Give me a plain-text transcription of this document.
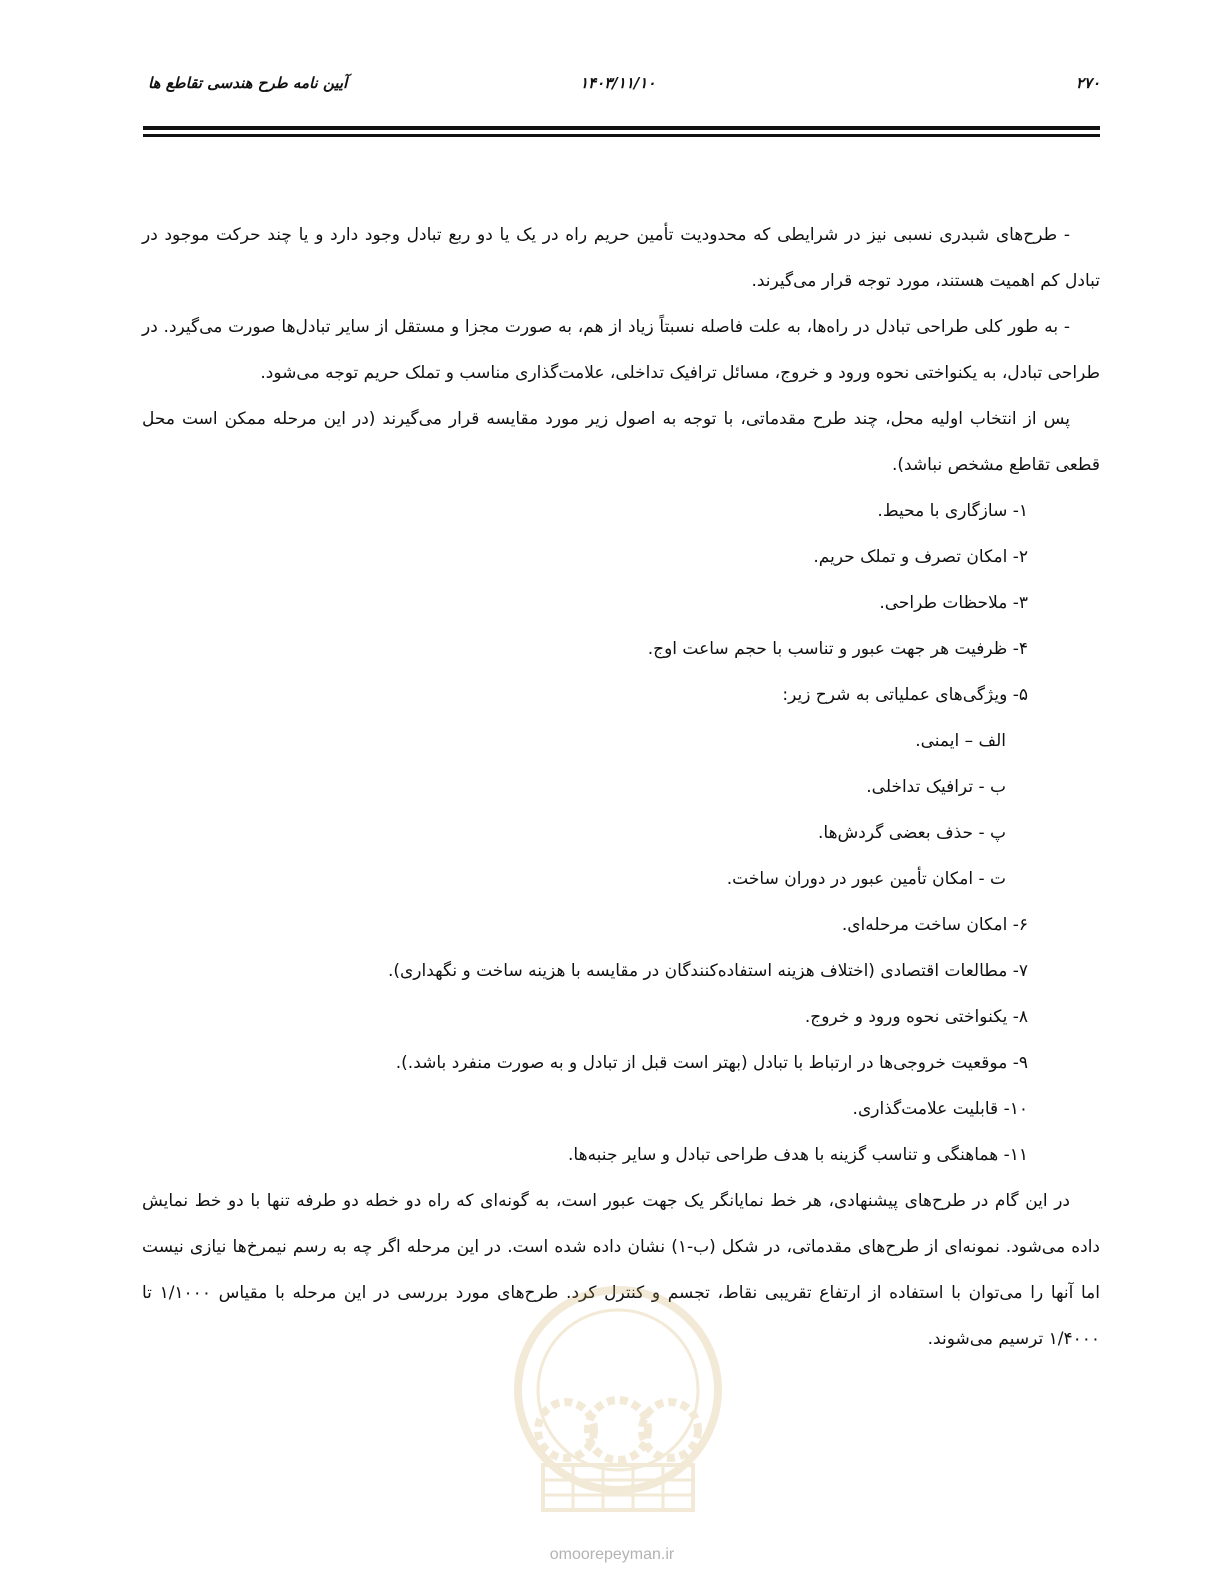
۲۷۰
۱۴۰۳/۱۱/۱۰
آیین نامه طرح هندسی تقاطع ها

- طرح‌های شبدری نسبی نیز در شرایطی که محدودیت تأمین حریم راه در یک یا دو ربع تبادل وجود دارد و یا چند حرکت موجود در تبادل کم اهمیت هستند، مورد توجه قرار می‌گیرند.

- به طور کلی طراحی تبادل در راه‌ها، به علت فاصله نسبتاً زیاد از هم، به صورت مجزا و مستقل از سایر تبادل‌ها صورت می‌گیرد. در طراحی تبادل، به یکنواختی نحوه ورود و خروج، مسائل ترافیک تداخلی، علامت‌گذاری مناسب و تملک حریم توجه می‌شود.

پس از انتخاب اولیه محل، چند طرح مقدماتی، با توجه به اصول زیر مورد مقایسه قرار می‌گیرند (در این مرحله ممکن است محل قطعی تقاطع مشخص نباشد).

۱- سازگاری با محیط.
۲- امکان تصرف و تملک حریم.
۳- ملاحظات طراحی.
۴- ظرفیت هر جهت عبور و تناسب با حجم ساعت اوج.
۵- ویژگی‌های عملیاتی به شرح زیر:
الف – ایمنی.
ب - ترافیک تداخلی.
پ - حذف بعضی گردش‌ها.
ت - امکان تأمین عبور در دوران ساخت.
۶- امکان ساخت مرحله‌ای.
۷- مطالعات اقتصادی (اختلاف هزینه استفاده‌کنندگان در مقایسه با هزینه ساخت و نگهداری).
۸- یکنواختی نحوه ورود و خروج.
۹- موقعیت خروجی‌ها در ارتباط با تبادل (بهتر است قبل از تبادل و به صورت منفرد باشد.).
۱۰- قابلیت علامت‌گذاری.
۱۱- هماهنگی و تناسب گزینه با هدف طراحی تبادل و سایر جنبه‌ها.

در این گام در طرح‌های پیشنهادی، هر خط نمایانگر یک جهت عبور است، به گونه‌ای که راه دو خطه دو طرفه تنها با دو خط نمایش داده می‌شود. نمونه‌ای از طرح‌های مقدماتی، در شکل (ب-۱) نشان داده شده است. در این مرحله اگر چه به رسم نیمرخ‌ها نیازی نیست اما آنها را می‌توان با استفاده از ارتفاع تقریبی نقاط، تجسم و کنترل کرد. طرح‌های مورد بررسی در این مرحله با مقیاس ۱/۱۰۰۰ تا ۱/۴۰۰۰ ترسیم می‌شوند.

omoorepeyman.ir
